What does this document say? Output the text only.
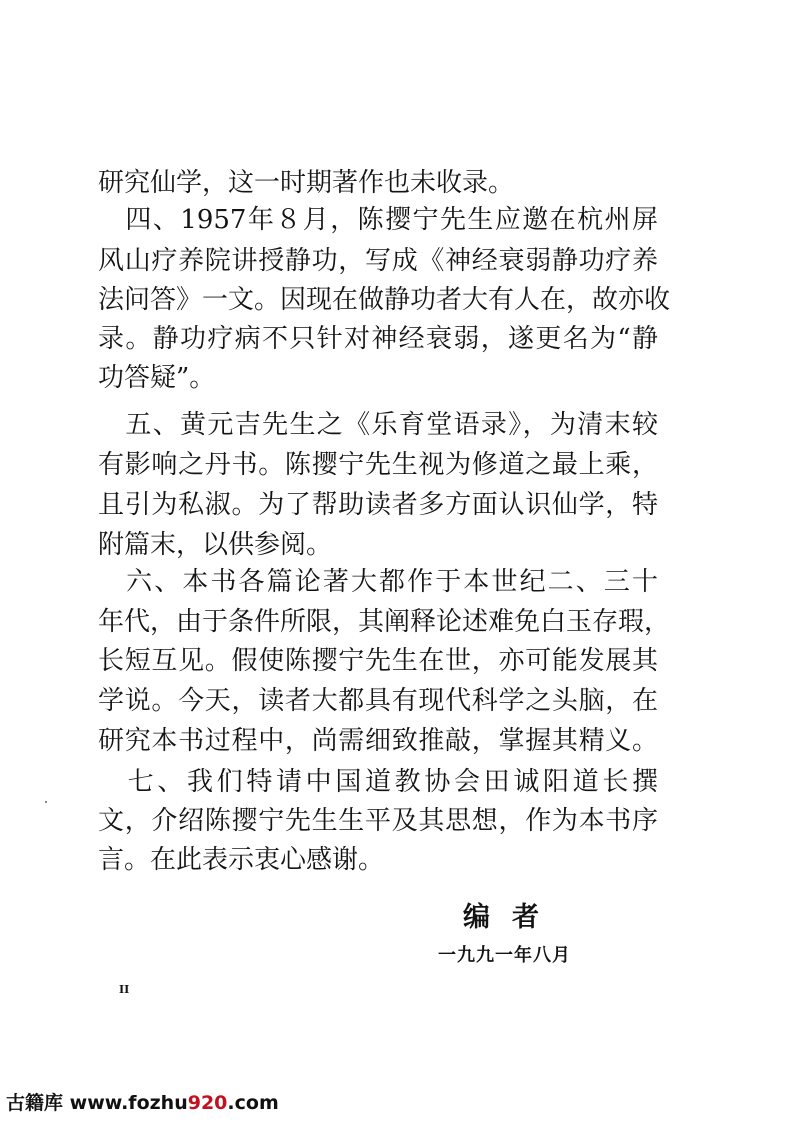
研究仙学，这一时期著作也未收录。
　四、1957年８月，陈撄宁先生应邀在杭州屏
风山疗养院讲授静功，写成《神经衰弱静功疗养
法问答》一文。因现在做静功者大有人在，故亦收
录。静功疗病不只针对神经衰弱，遂更名为“静
功答疑”。
　五、黄元吉先生之《乐育堂语录》，为清末较
有影响之丹书。陈撄宁先生视为修道之最上乘，
且引为私淑。为了帮助读者多方面认识仙学，特
附篇末，以供参阅。
　六、本书各篇论著大都作于本世纪二、三十
年代，由于条件所限，其阐释论述难免白玉存瑕，
长短互见。假使陈撄宁先生在世，亦可能发展其
学说。今天，读者大都具有现代科学之头脑，在
研究本书过程中，尚需细致推敲，掌握其精义。
　七、我们特请中国道教协会田诚阳道长撰
文，介绍陈撄宁先生生平及其思想，作为本书序
言。在此表示衷心感谢。
编者
一九九一年八月
II
古籍库 www.fozhu920.com
